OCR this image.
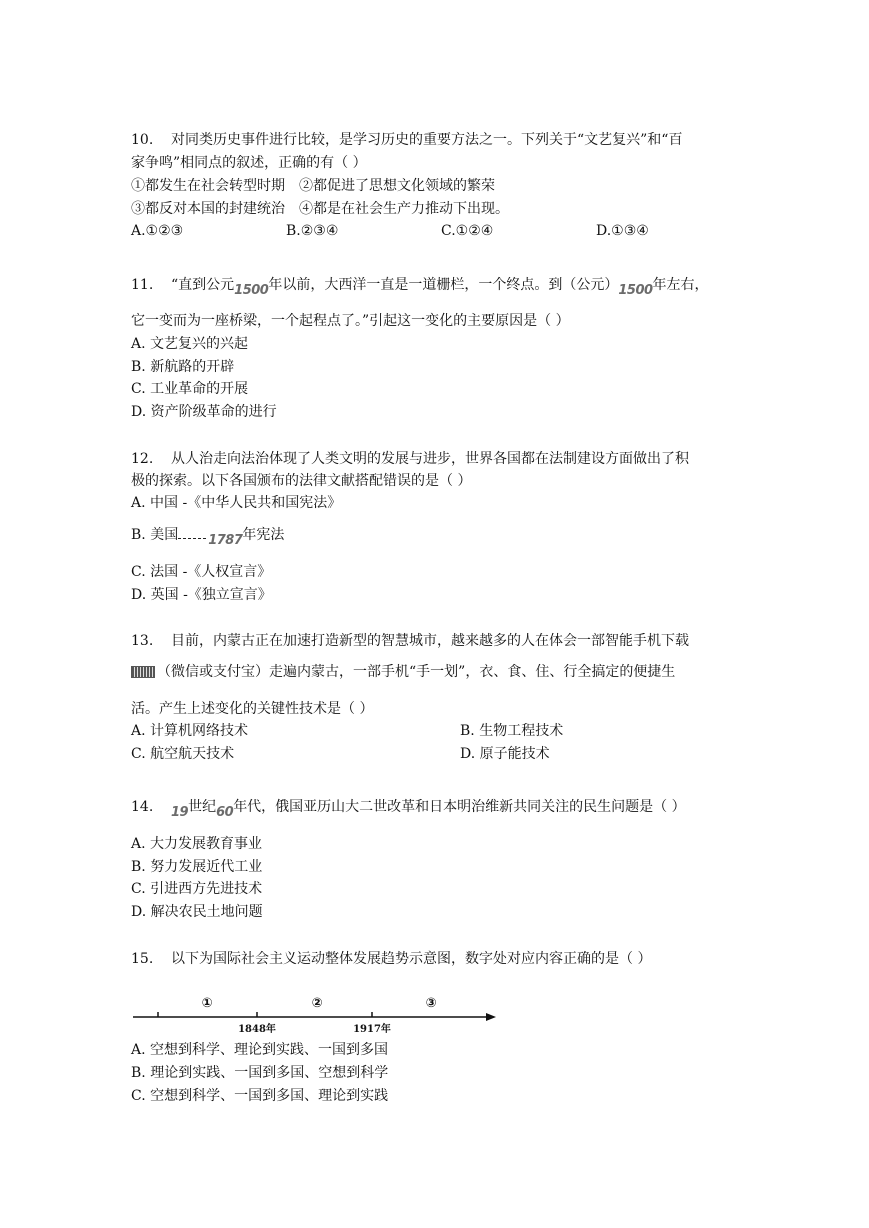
10. 对同类历史事件进行比较，是学习历史的重要方法之一。下列关于“文艺复兴”和“百
家争鸣”相同点的叙述，正确的有（ ）
①都发生在社会转型时期　②都促进了思想文化领域的繁荣
③都反对本国的封建统治　④都是在社会生产力推动下出现。
A.①②③	B.②③④	C.①②④	D.①③④
11. “直到公元1500年以前，大西洋一直是一道栅栏，一个终点。到（公元）1500年左右，
它一变而为一座桥梁，一个起程点了。”引起这一变化的主要原因是（ ）
A. 文艺复兴的兴起
B. 新航路的开辟
C. 工业革命的开展
D. 资产阶级革命的进行
12. 从人治走向法治体现了人类文明的发展与进步，世界各国都在法制建设方面做出了积
极的探索。以下各国颁布的法律文献搭配错误的是（ ）
A. 中国 -《中华人民共和国宪法》
B. 美国 1787年宪法
C. 法国 -《人权宣言》
D. 英国 -《独立宣言》
13. 目前，内蒙古正在加速打造新型的智慧城市，越来越多的人在体会一部智能手机下载
（微信或支付宝）走遍内蒙古，一部手机“手一划”，衣、食、住、行全搞定的便捷生
活。产生上述变化的关键性技术是（ ）
A. 计算机网络技术	B. 生物工程技术
C. 航空航天技术	D. 原子能技术
14. 19世纪60年代，俄国亚历山大二世改革和日本明治维新共同关注的民生问题是（ ）
A. 大力发展教育事业
B. 努力发展近代工业
C. 引进西方先进技术
D. 解决农民土地问题
15. 以下为国际社会主义运动整体发展趋势示意图，数字处对应内容正确的是（ ）
①	②	③
1848年	1917年
A. 空想到科学、理论到实践、一国到多国
B. 理论到实践、一国到多国、空想到科学
C. 空想到科学、一国到多国、理论到实践
